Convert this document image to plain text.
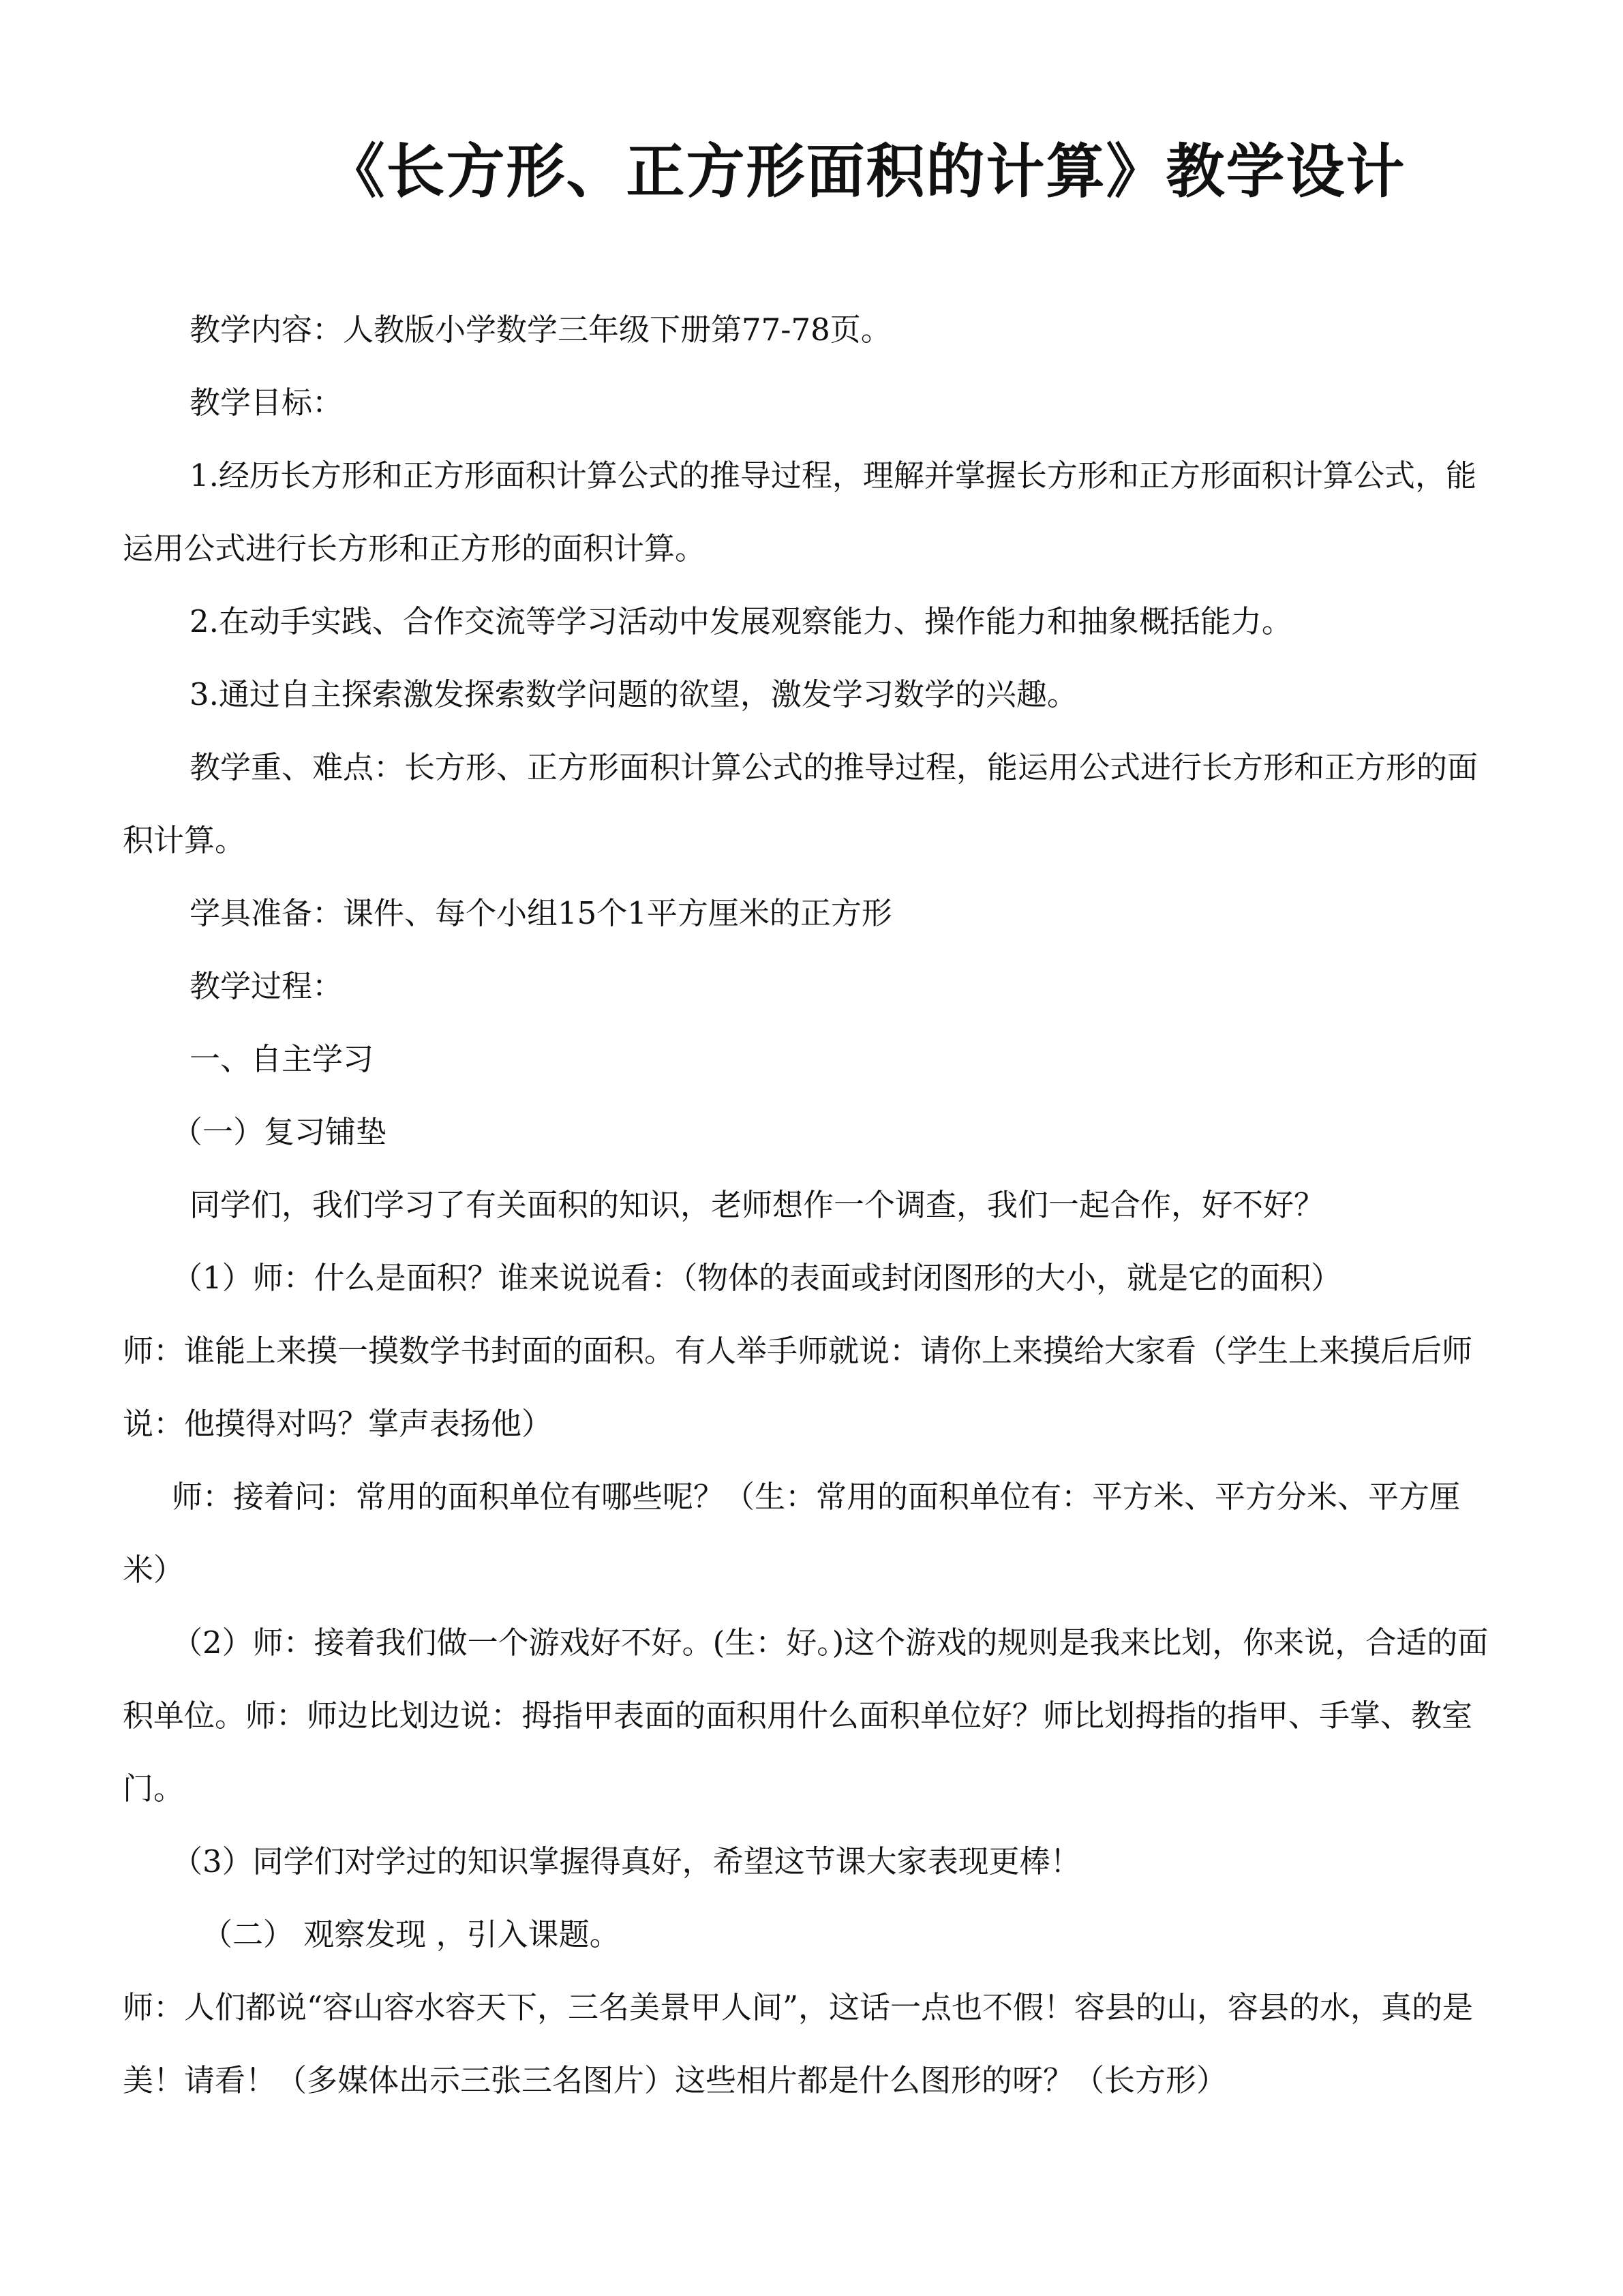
《长方形、正方形面积的计算》教学设计

教学内容：人教版小学数学三年级下册第77-78页。

教学目标：

1.经历长方形和正方形面积计算公式的推导过程，理解并掌握长方形和正方形面积计算公式，能运用公式进行长方形和正方形的面积计算。

2.在动手实践、合作交流等学习活动中发展观察能力、操作能力和抽象概括能力。

3.通过自主探索激发探索数学问题的欲望，激发学习数学的兴趣。

教学重、难点：长方形、正方形面积计算公式的推导过程，能运用公式进行长方形和正方形的面积计算。

学具准备：课件、每个小组15个1平方厘米的正方形

教学过程：

一、自主学习

（一）复习铺垫

同学们，我们学习了有关面积的知识，老师想作一个调查，我们一起合作，好不好？

（1）师：什么是面积？谁来说说看：（物体的表面或封闭图形的大小，就是它的面积）

师：谁能上来摸一摸数学书封面的面积。有人举手师就说：请你上来摸给大家看（学生上来摸后后师说：他摸得对吗？掌声表扬他）

师：接着问：常用的面积单位有哪些呢？（生：常用的面积单位有：平方米、平方分米、平方厘米）

（2）师：接着我们做一个游戏好不好。(生：好。)这个游戏的规则是我来比划，你来说，合适的面积单位。师：师边比划边说：拇指甲表面的面积用什么面积单位好？师比划拇指的指甲、手掌、教室门。

（3）同学们对学过的知识掌握得真好，希望这节课大家表现更棒！

（二） 观察发现 ，引入课题。

师：人们都说“容山容水容天下，三名美景甲人间”，这话一点也不假！容县的山，容县的水，真的是美！请看！（多媒体出示三张三名图片）这些相片都是什么图形的呀？（长方形）
